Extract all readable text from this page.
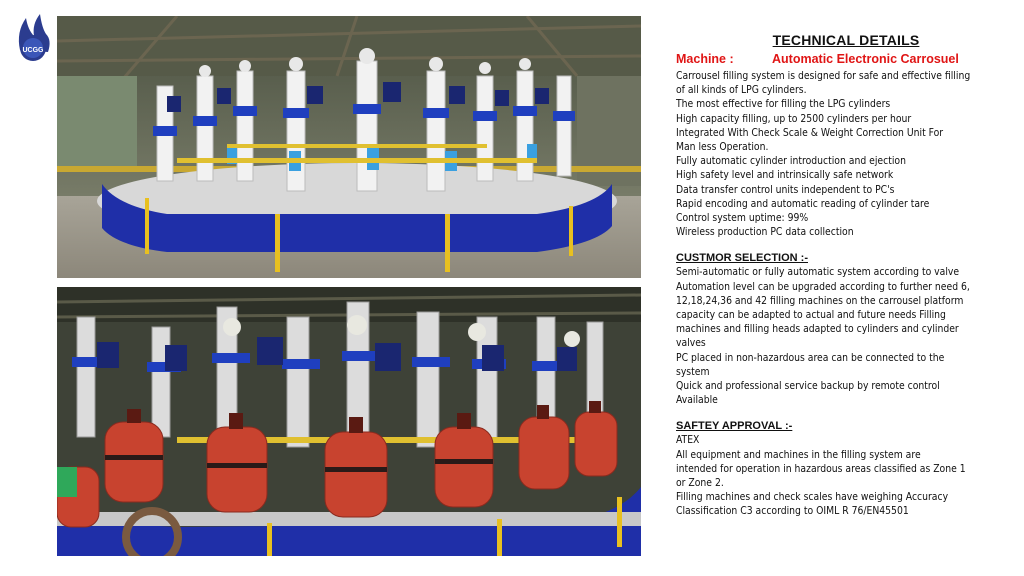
UCGG
TECHNICAL DETAILS
Machine :	Automatic Electronic Carrosuel
Carrousel filling system is designed for safe and effective filling
of all kinds of LPG cylinders.
The most effective for filling the LPG cylinders
High capacity filling, up to 2500 cylinders per hour
Integrated With Check Scale & Weight Correction Unit For
Man less Operation.
Fully automatic cylinder introduction and ejection
High safety level and intrinsically safe network
Data transfer control units independent to PC's
Rapid encoding and automatic reading of cylinder tare
Control system uptime: 99%
Wireless production PC data collection
CUSTMOR SELECTION :-
Semi-automatic or fully automatic system according to valve
Automation level can be upgraded according to further need 6,
12,18,24,36 and 42 filling machines on the carrousel platform
capacity can be adapted to actual and future needs Filling
machines and filling heads adapted to cylinders and cylinder
valves
PC placed in non-hazardous area can be connected to the
system
Quick and professional service backup by remote control
Available
SAFTEY APPROVAL :-
ATEX
All equipment and machines in the filling system are
intended for operation in hazardous areas classified as Zone 1
or Zone 2.
Filling machines and check scales have weighing Accuracy
Classification C3 according to OIML R 76/EN45501
